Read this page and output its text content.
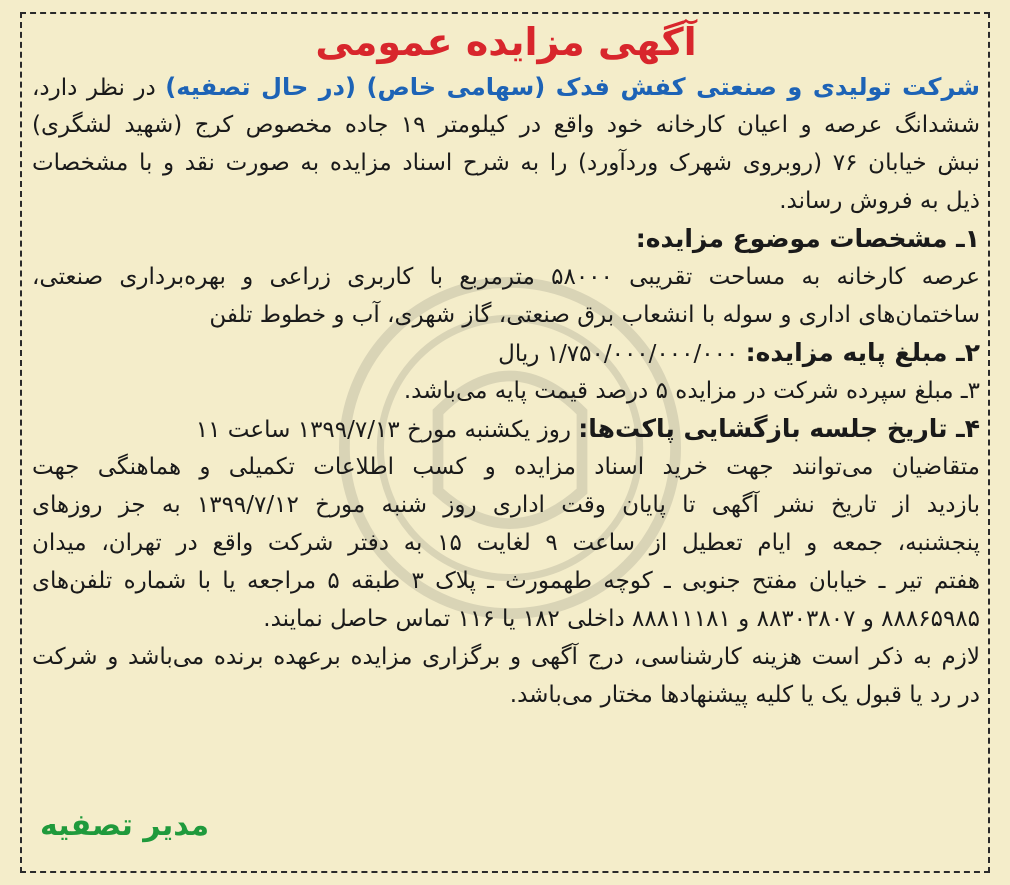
آگهی مزایده عمومی
شرکت تولیدی و صنعتی کفش فدک (سهامی خاص) (در حال تصفیه) در نظر دارد،
ششدانگ عرصه و اعیان کارخانه خود واقع در کیلومتر ۱۹ جاده مخصوص کرج (شهید لشگری)
نبش خیابان ۷۶ (روبروی شهرک وردآورد) را به شرح اسناد مزایده به صورت نقد و با مشخصات
ذیل به فروش رساند.
۱ـ مشخصات موضوع مزایده:
عرصه کارخانه به مساحت تقریبی ۵۸۰۰۰ مترمربع با کاربری زراعی و بهره‌برداری صنعتی،
ساختمان‌های اداری و سوله با انشعاب برق صنعتی، گاز شهری، آب و خطوط تلفن
۲ـ مبلغ پایه مزایده: ۱/۷۵۰/۰۰۰/۰۰۰/۰۰۰ ریال
۳ـ مبلغ سپرده شرکت در مزایده ۵ درصد قیمت پایه می‌باشد.
۴ـ تاریخ جلسه بازگشایی پاکت‌ها: روز یکشنبه مورخ ۱۳۹۹/۷/۱۳ ساعت ۱۱
متقاضیان می‌توانند جهت خرید اسناد مزایده و کسب اطلاعات تکمیلی و هماهنگی جهت
بازدید از تاریخ نشر آگهی تا پایان وقت اداری روز شنبه مورخ ۱۳۹۹/۷/۱۲ به جز روزهای
پنجشنبه، جمعه و ایام تعطیل از ساعت ۹ لغایت ۱۵ به دفتر شرکت واقع در تهران، میدان
هفتم تیر ـ خیابان مفتح جنوبی ـ کوچه طهمورث ـ پلاک ۳ طبقه ۵ مراجعه یا با شماره تلفن‌های
۸۸۸۶۵۹۸۵ و ۸۸۳۰۳۸۰۷ و ۸۸۸۱۱۱۸۱ داخلی ۱۸۲ یا ۱۱۶ تماس حاصل نمایند.
لازم به ذکر است هزینه کارشناسی، درج آگهی و برگزاری مزایده برعهده برنده می‌باشد و شرکت
در رد یا قبول یک یا کلیه پیشنهادها مختار می‌باشد.
مدیر تصفیه
